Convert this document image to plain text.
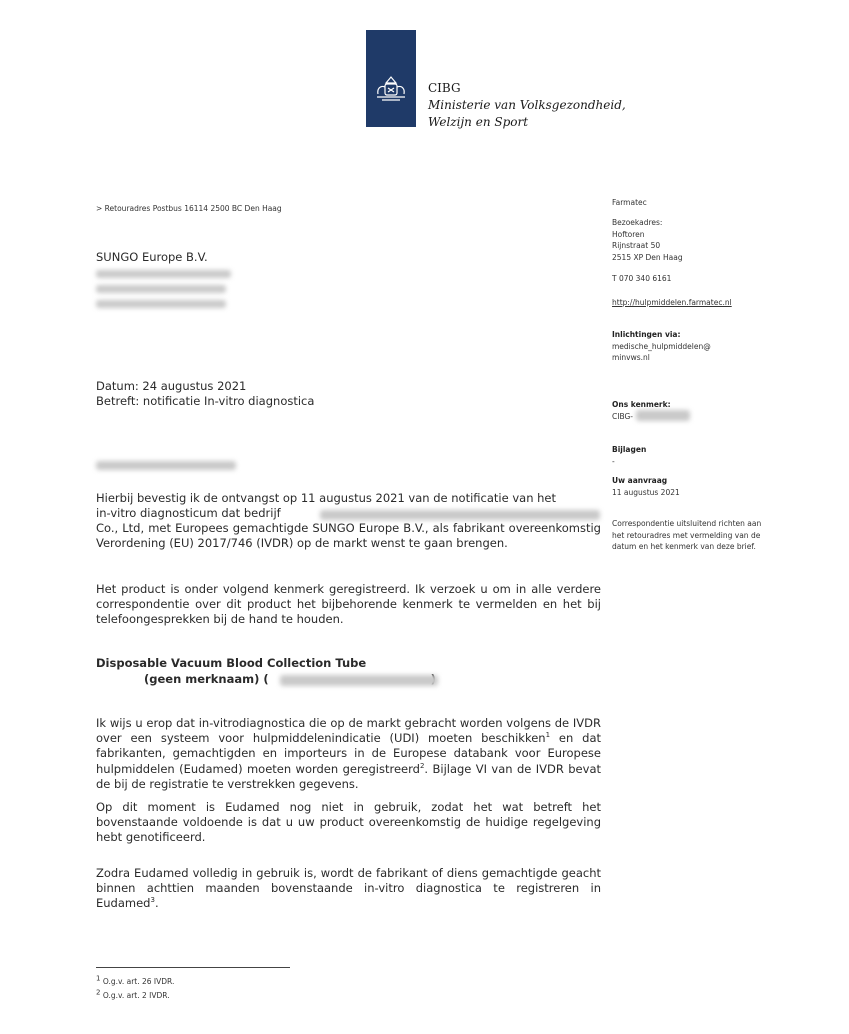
CIBG
Ministerie van Volksgezondheid,
Welzijn en Sport
> Retouradres Postbus 16114 2500 BC Den Haag
SUNGO Europe B.V.
Datum: 24 augustus 2021
Betreft: notificatie In-vitro diagnostica
Hierbij bevestig ik de ontvangst op 11 augustus 2021 van de notificatie van het
in-vitro diagnosticum dat bedrijf
Co., Ltd, met Europees gemachtigde SUNGO Europe B.V., als fabrikant overeenkomstig Verordening (EU) 2017/746 (IVDR) op de markt wenst te gaan brengen.
Het product is onder volgend kenmerk geregistreerd. Ik verzoek u om in alle verdere correspondentie over dit product het bijbehorende kenmerk te vermelden en het bij telefoongesprekken bij de hand te houden.
Disposable Vacuum Blood Collection Tube
(geen merknaam) (
Ik wijs u erop dat in-vitrodiagnostica die op de markt gebracht worden volgens de IVDR over een systeem voor hulpmiddelenindicatie (UDI) moeten beschikken$^1$ en dat fabrikanten, gemachtigden en importeurs in de Europese databank voor Europese hulpmiddelen (Eudamed) moeten worden geregistreerd$^2$. Bijlage VI van de IVDR bevat de bij de registratie te verstrekken gegevens.
Op dit moment is Eudamed nog niet in gebruik, zodat het wat betreft het bovenstaande voldoende is dat u uw product overeenkomstig de huidige regelgeving hebt genotificeerd.
Zodra Eudamed volledig in gebruik is, wordt de fabrikant of diens gemachtigde geacht binnen achttien maanden bovenstaande in-vitro diagnostica te registreren in Eudamed$^3$.
Farmatec
Bezoekadres:
Hoftoren
Rijnstraat 50
2515 XP Den Haag
T 070 340 6161
http://hulpmiddelen.farmatec.nl
Inlichtingen via:
medische_hulpmiddelen@
minvws.nl
Ons kenmerk:
CIBG-
Bijlagen
-
Uw aanvraag
11 augustus 2021
Correspondentie uitsluitend richten aan het retouradres met vermelding van de datum en het kenmerk van deze brief.
1 O.g.v. art. 26 IVDR.
2 O.g.v. art. 2 IVDR.
